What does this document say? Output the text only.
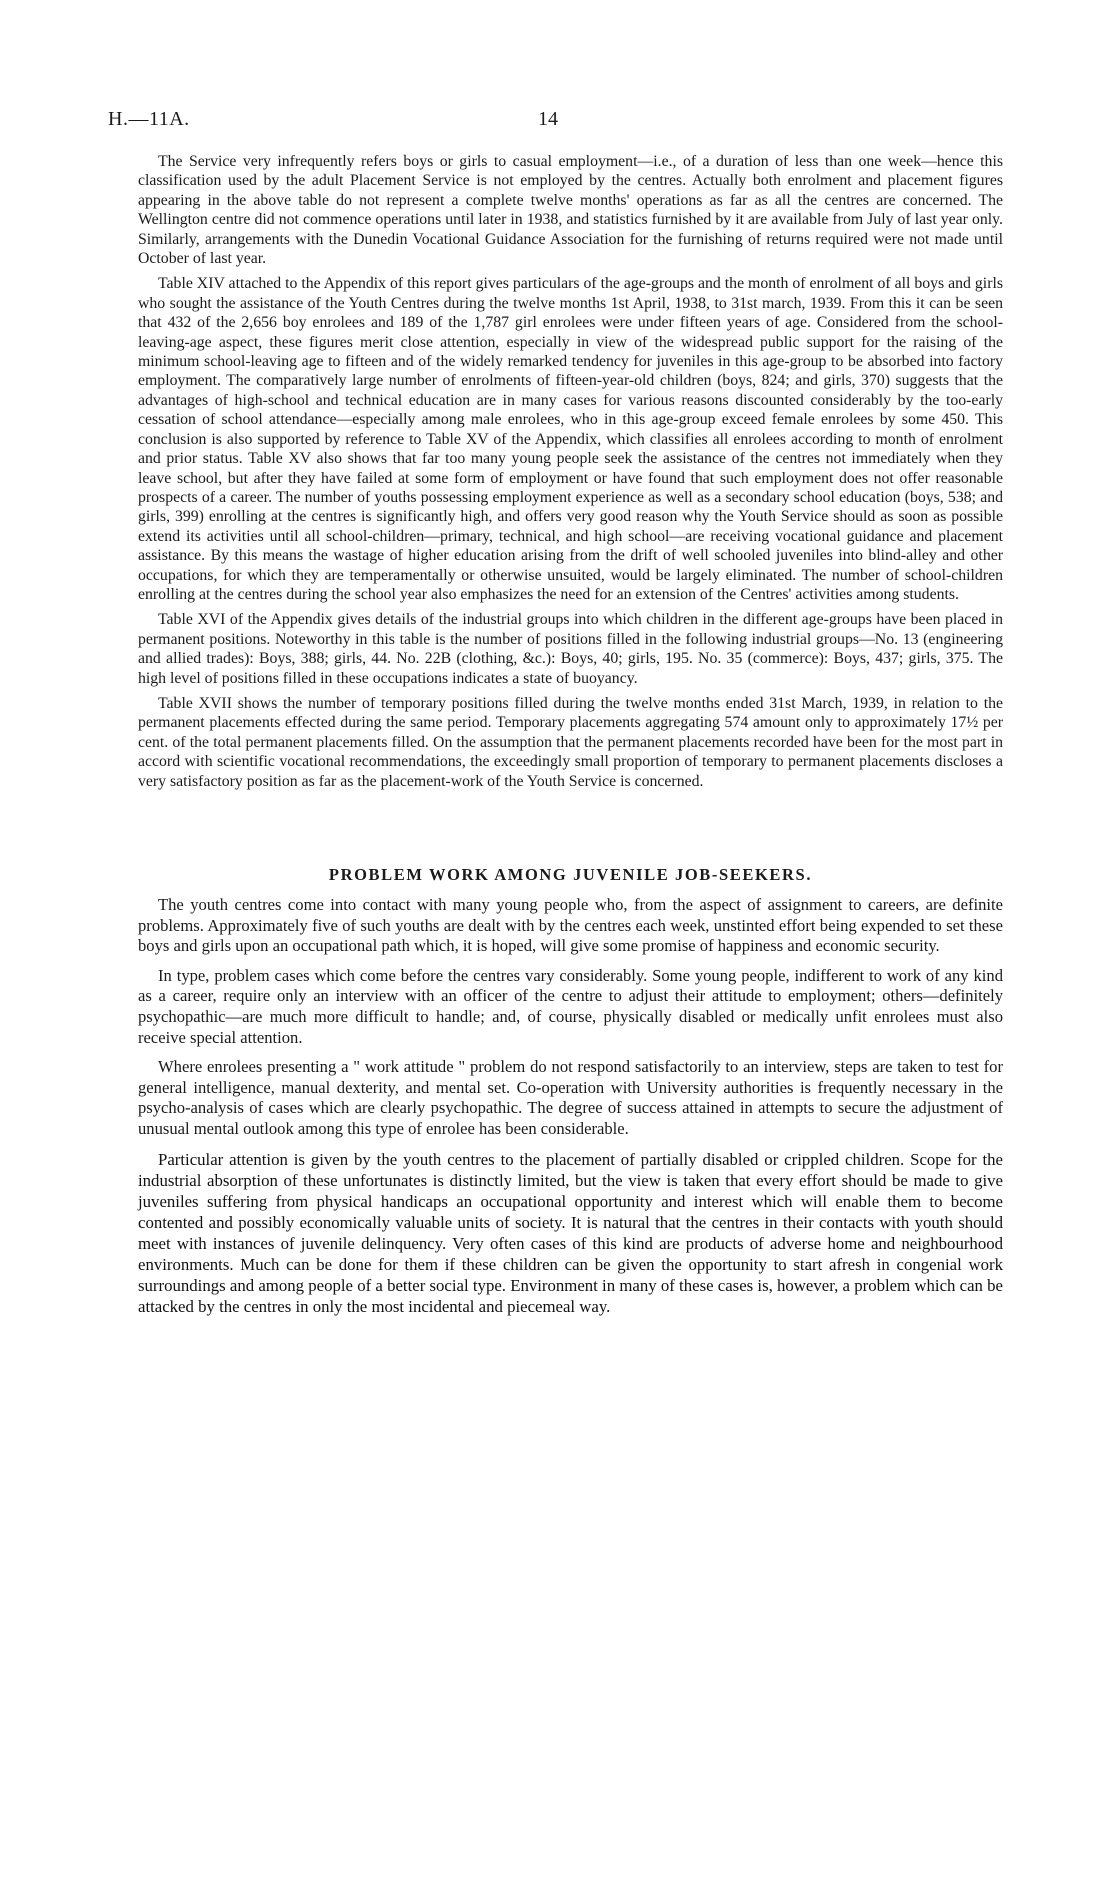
H.—11A.	14

The Service very infrequently refers boys or girls to casual employment—i.e., of a duration of less than one week—hence this classification used by the adult Placement Service is not employed by the centres. Actually both enrolment and placement figures appearing in the above table do not represent a complete twelve months' operations as far as all the centres are concerned. The Wellington centre did not commence operations until later in 1938, and statistics furnished by it are available from July of last year only. Similarly, arrangements with the Dunedin Vocational Guidance Association for the furnishing of returns required were not made until October of last year.

Table XIV attached to the Appendix of this report gives particulars of the age-groups and the month of enrolment of all boys and girls who sought the assistance of the Youth Centres during the twelve months 1st April, 1938, to 31st march, 1939. From this it can be seen that 432 of the 2,656 boy enrolees and 189 of the 1,787 girl enrolees were under fifteen years of age. Considered from the school-leaving-age aspect, these figures merit close attention, especially in view of the widespread public support for the raising of the minimum school-leaving age to fifteen and of the widely remarked tendency for juveniles in this age-group to be absorbed into factory employment. The comparatively large number of enrolments of fifteen-year-old children (boys, 824; and girls, 370) suggests that the advantages of high-school and technical education are in many cases for various reasons discounted considerably by the too-early cessation of school attendance—especially among male enrolees, who in this age-group exceed female enrolees by some 450. This conclusion is also supported by reference to Table XV of the Appendix, which classifies all enrolees according to month of enrolment and prior status. Table XV also shows that far too many young people seek the assistance of the centres not immediately when they leave school, but after they have failed at some form of employment or have found that such employment does not offer reasonable prospects of a career. The number of youths possessing employment experience as well as a secondary school education (boys, 538; and girls, 399) enrolling at the centres is significantly high, and offers very good reason why the Youth Service should as soon as possible extend its activities until all school-children—primary, technical, and high school—are receiving vocational guidance and placement assistance. By this means the wastage of higher education arising from the drift of well schooled juveniles into blind-alley and other occupations, for which they are temperamentally or otherwise unsuited, would be largely eliminated. The number of school-children enrolling at the centres during the school year also emphasizes the need for an extension of the Centres' activities among students.

Table XVI of the Appendix gives details of the industrial groups into which children in the different age-groups have been placed in permanent positions. Noteworthy in this table is the number of positions filled in the following industrial groups—No. 13 (engineering and allied trades): Boys, 388; girls, 44. No. 22B (clothing, &c.): Boys, 40; girls, 195. No. 35 (commerce): Boys, 437; girls, 375. The high level of positions filled in these occupations indicates a state of buoyancy.

Table XVII shows the number of temporary positions filled during the twelve months ended 31st March, 1939, in relation to the permanent placements effected during the same period. Temporary placements aggregating 574 amount only to approximately 17½ per cent. of the total permanent placements filled. On the assumption that the permanent placements recorded have been for the most part in accord with scientific vocational recommendations, the exceedingly small proportion of temporary to permanent placements discloses a very satisfactory position as far as the placement-work of the Youth Service is concerned.

PROBLEM WORK AMONG JUVENILE JOB-SEEKERS.

The youth centres come into contact with many young people who, from the aspect of assignment to careers, are definite problems. Approximately five of such youths are dealt with by the centres each week, unstinted effort being expended to set these boys and girls upon an occupational path which, it is hoped, will give some promise of happiness and economic security.

In type, problem cases which come before the centres vary considerably. Some young people, indifferent to work of any kind as a career, require only an interview with an officer of the centre to adjust their attitude to employment; others—definitely psychopathic—are much more difficult to handle; and, of course, physically disabled or medically unfit enrolees must also receive special attention.

Where enrolees presenting a " work attitude " problem do not respond satisfactorily to an interview, steps are taken to test for general intelligence, manual dexterity, and mental set. Co-operation with University authorities is frequently necessary in the psycho-analysis of cases which are clearly psychopathic. The degree of success attained in attempts to secure the adjustment of unusual mental outlook among this type of enrolee has been considerable.

Particular attention is given by the youth centres to the placement of partially disabled or crippled children. Scope for the industrial absorption of these unfortunates is distinctly limited, but the view is taken that every effort should be made to give juveniles suffering from physical handicaps an occupational opportunity and interest which will enable them to become contented and possibly economically valuable units of society. It is natural that the centres in their contacts with youth should meet with instances of juvenile delinquency. Very often cases of this kind are products of adverse home and neighbourhood environments. Much can be done for them if these children can be given the opportunity to start afresh in congenial work surroundings and among people of a better social type. Environment in many of these cases is, however, a problem which can be attacked by the centres in only the most incidental and piecemeal way.
